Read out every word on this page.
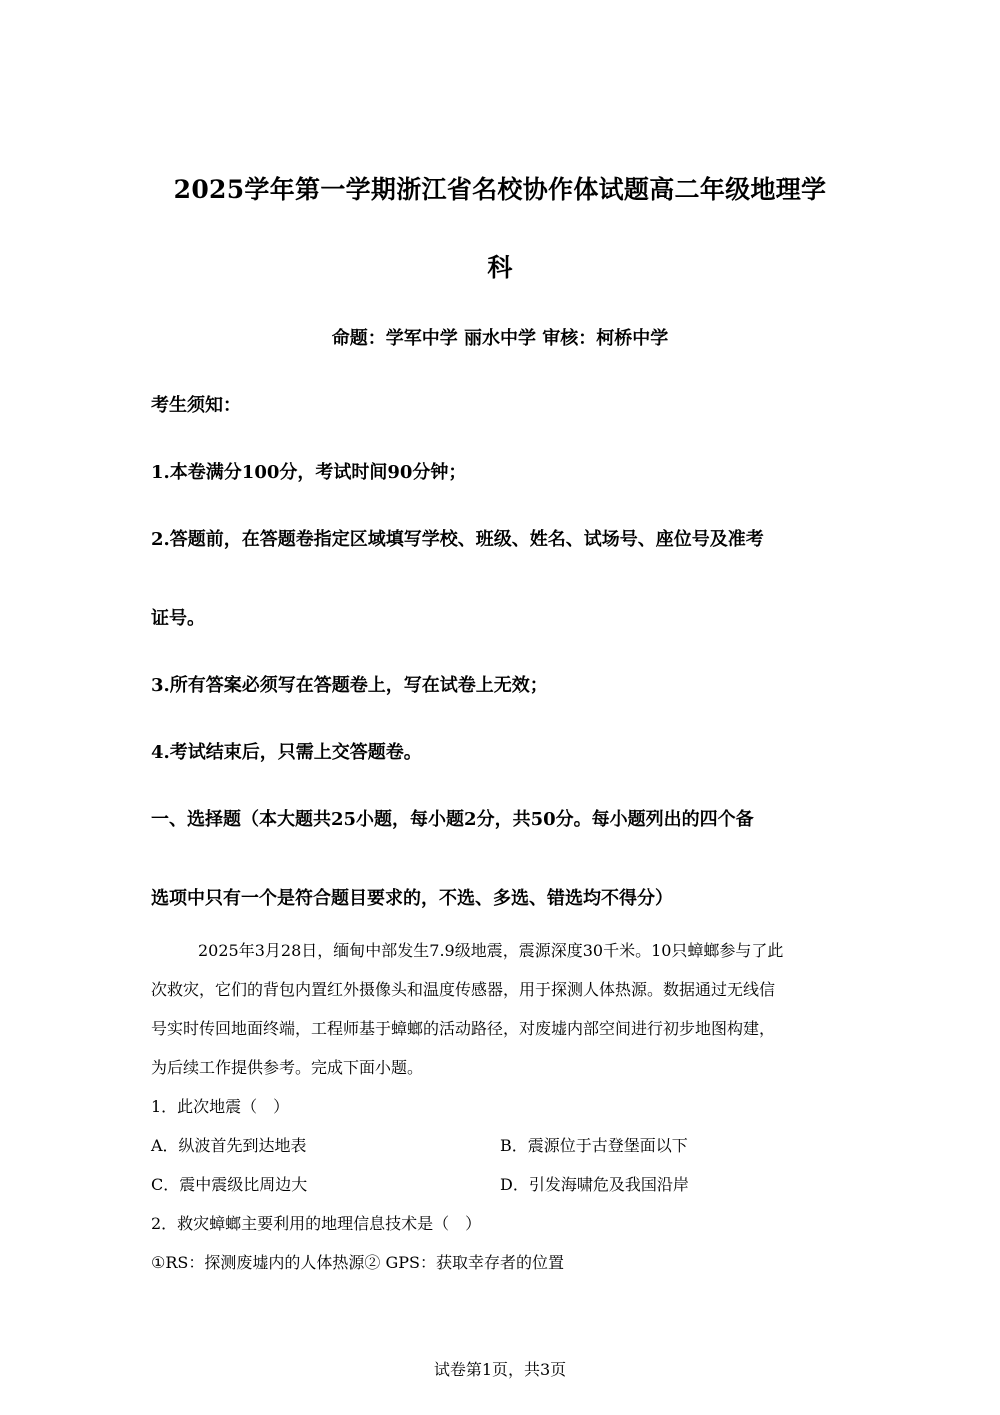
2025学年第一学期浙江省名校协作体试题高二年级地理学
科
命题：学军中学 丽水中学 审核：柯桥中学
考生须知：
1.本卷满分100分，考试时间90分钟；
2.答题前，在答题卷指定区域填写学校、班级、姓名、试场号、座位号及准考
证号。
3.所有答案必须写在答题卷上，写在试卷上无效；
4.考试结束后，只需上交答题卷。
一、选择题（本大题共25小题，每小题2分，共50分。每小题列出的四个备
选项中只有一个是符合题目要求的，不选、多选、错选均不得分）
2025年3月28日，缅甸中部发生7.9级地震，震源深度30千米。10只蟑螂参与了此
次救灾，它们的背包内置红外摄像头和温度传感器，用于探测人体热源。数据通过无线信
号实时传回地面终端，工程师基于蟑螂的活动路径，对废墟内部空间进行初步地图构建，
为后续工作提供参考。完成下面小题。
1．此次地震（　）
A．纵波首先到达地表	B．震源位于古登堡面以下
C．震中震级比周边大	D．引发海啸危及我国沿岸
2．救灾蟑螂主要利用的地理信息技术是（　）
①RS：探测废墟内的人体热源② GPS：获取幸存者的位置
试卷第1页，共3页
